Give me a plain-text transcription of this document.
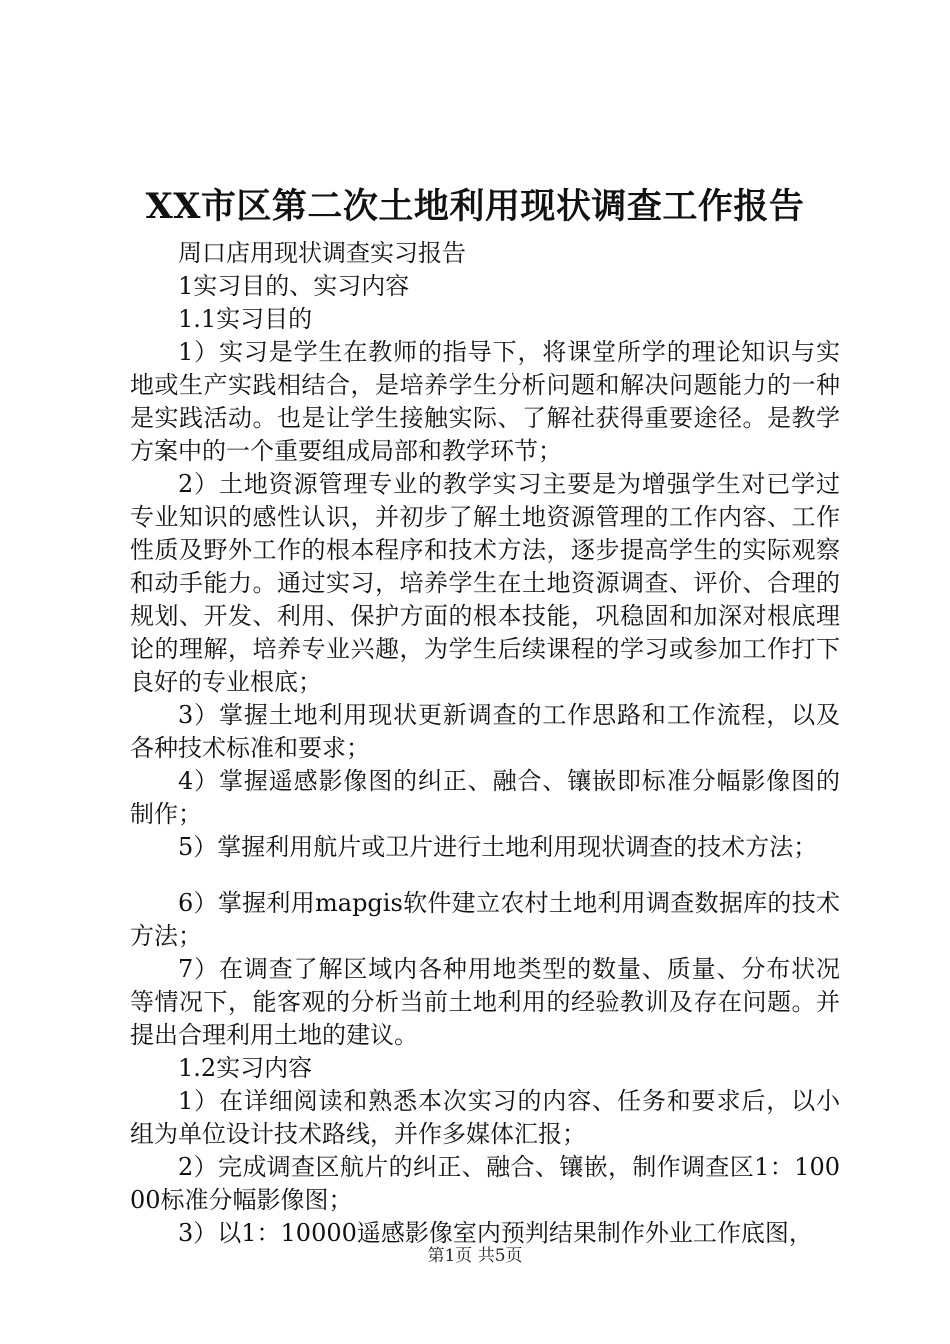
XX市区第二次土地利用现状调查工作报告

周口店用现状调查实习报告

1实习目的、实习内容

1.1实习目的

1）实习是学生在教师的指导下，将课堂所学的理论知识与实地或生产实践相结合，是培养学生分析问题和解决问题能力的一种是实践活动。也是让学生接触实际、了解社获得重要途径。是教学方案中的一个重要组成局部和教学环节；

2）土地资源管理专业的教学实习主要是为增强学生对已学过专业知识的感性认识，并初步了解土地资源管理的工作内容、工作性质及野外工作的根本程序和技术方法，逐步提高学生的实际观察和动手能力。通过实习，培养学生在土地资源调查、评价、合理的规划、开发、利用、保护方面的根本技能，巩稳固和加深对根底理论的理解，培养专业兴趣，为学生后续课程的学习或参加工作打下良好的专业根底；

3）掌握土地利用现状更新调查的工作思路和工作流程，以及各种技术标准和要求；

4）掌握遥感影像图的纠正、融合、镶嵌即标准分幅影像图的制作；

5）掌握利用航片或卫片进行土地利用现状调查的技术方法；

6）掌握利用mapgis软件建立农村土地利用调查数据库的技术方法；

7）在调查了解区域内各种用地类型的数量、质量、分布状况等情况下，能客观的分析当前土地利用的经验教训及存在问题。并提出合理利用土地的建议。

1.2实习内容

1）在详细阅读和熟悉本次实习的内容、任务和要求后，以小组为单位设计技术路线，并作多媒体汇报；

2）完成调查区航片的纠正、融合、镶嵌，制作调查区1：10000标准分幅影像图；

3）以1：10000遥感影像室内预判结果制作外业工作底图，

第1页 共5页
